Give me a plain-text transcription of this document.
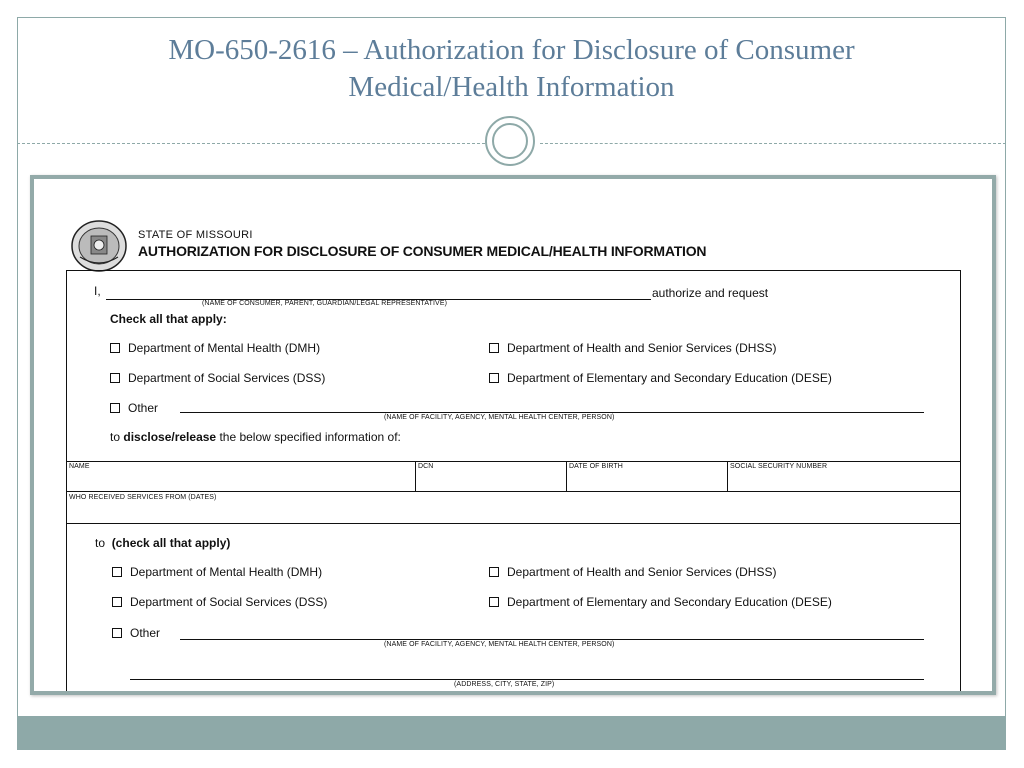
MO-650-2616 – Authorization for Disclosure of Consumer
Medical/Health Information
STATE OF MISSOURI
AUTHORIZATION FOR DISCLOSURE OF CONSUMER MEDICAL/HEALTH INFORMATION
I,
(NAME OF CONSUMER, PARENT, GUARDIAN/LEGAL REPRESENTATIVE)
authorize and request
Check all that apply:
Department of Mental Health (DMH)	Department of Health and Senior Services (DHSS)
Department of Social Services (DSS)	Department of Elementary and Secondary Education (DESE)
Other
(NAME OF FACILITY, AGENCY, MENTAL HEALTH CENTER, PERSON)
to disclose/release the below specified information of:
NAME	DCN	DATE OF BIRTH	SOCIAL SECURITY NUMBER
WHO RECEIVED SERVICES FROM (DATES)
to (check all that apply)
Department of Mental Health (DMH)	Department of Health and Senior Services (DHSS)
Department of Social Services (DSS)	Department of Elementary and Secondary Education (DESE)
Other
(NAME OF FACILITY, AGENCY, MENTAL HEALTH CENTER, PERSON)
(ADDRESS, CITY, STATE, ZIP)
